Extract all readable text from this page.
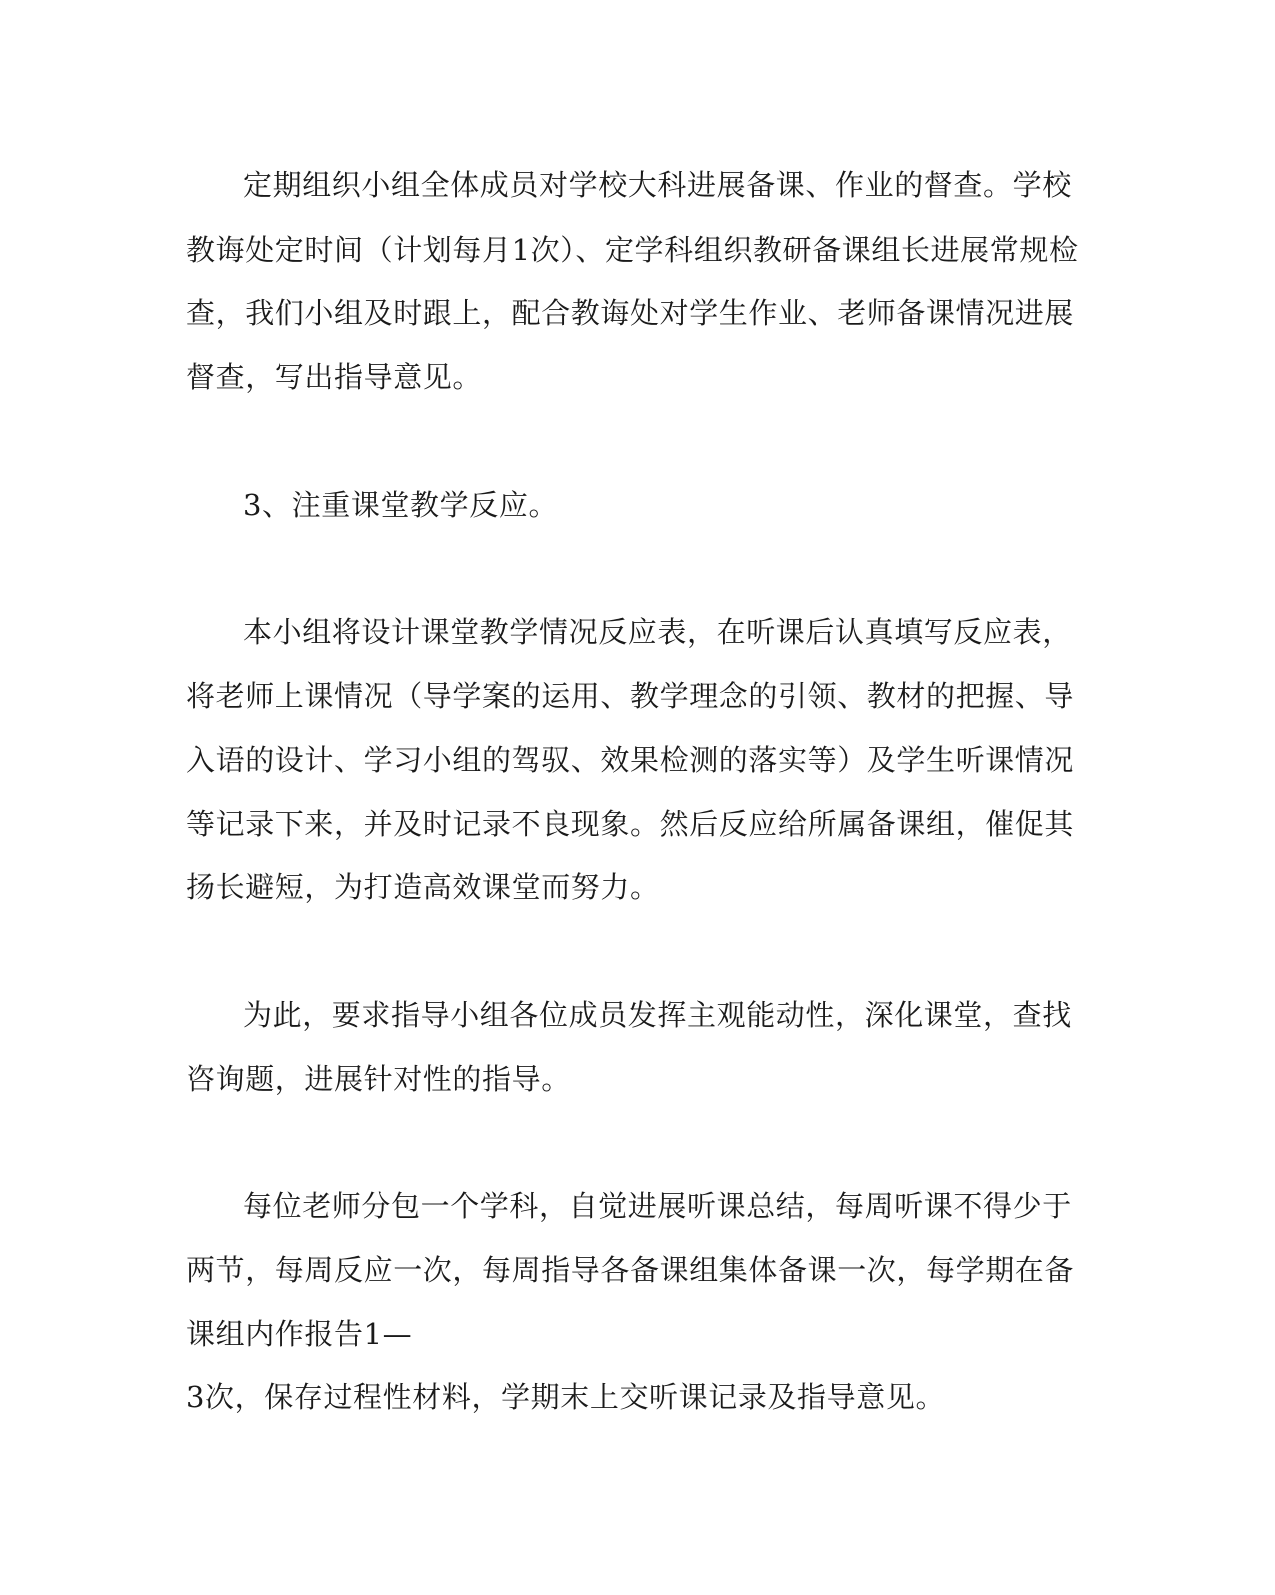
定期组织小组全体成员对学校大科进展备课、作业的督查。学校
教诲处定时间（计划每月1次）、定学科组织教研备课组长进展常规检
查，我们小组及时跟上，配合教诲处对学生作业、老师备课情况进展
督查，写出指导意见。
3、注重课堂教学反应。
本小组将设计课堂教学情况反应表，在听课后认真填写反应表，
将老师上课情况（导学案的运用、教学理念的引领、教材的把握、导
入语的设计、学习小组的驾驭、效果检测的落实等）及学生听课情况
等记录下来，并及时记录不良现象。然后反应给所属备课组，催促其
扬长避短，为打造高效课堂而努力。
为此，要求指导小组各位成员发挥主观能动性，深化课堂，查找
咨询题，进展针对性的指导。
每位老师分包一个学科，自觉进展听课总结，每周听课不得少于
两节，每周反应一次，每周指导各备课组集体备课一次，每学期在备
课组内作报告1—
3次，保存过程性材料，学期末上交听课记录及指导意见。
